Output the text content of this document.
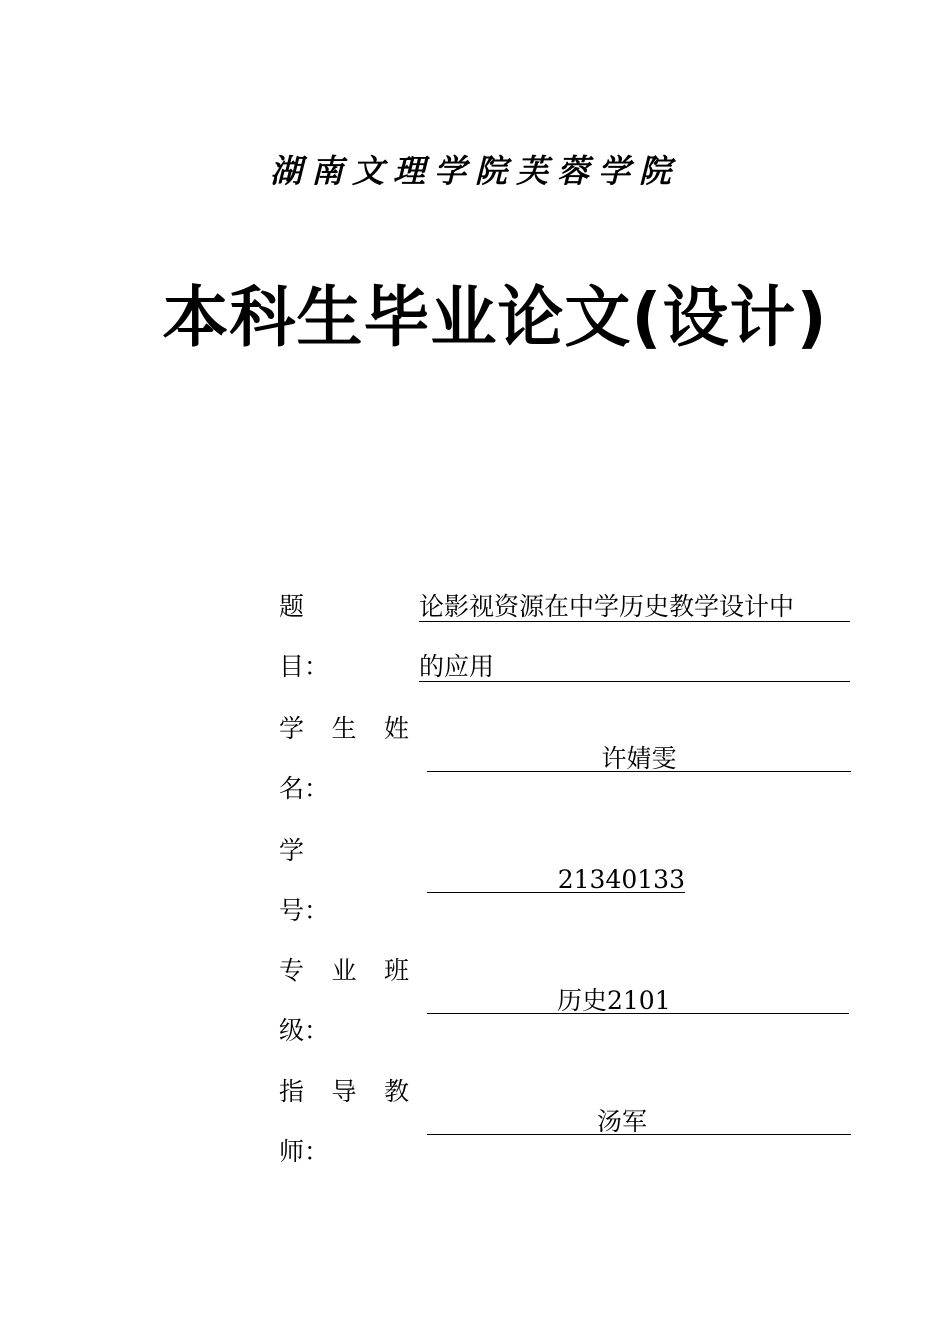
湖南文理学院芙蓉学院
本科生毕业论文(设计)
题
目：
论影视资源在中学历史教学设计中
的应用
学 生 姓
名：
许婧雯
学
号：
21340133
专 业 班
级：
历史2101
指 导 教
师：
汤军
